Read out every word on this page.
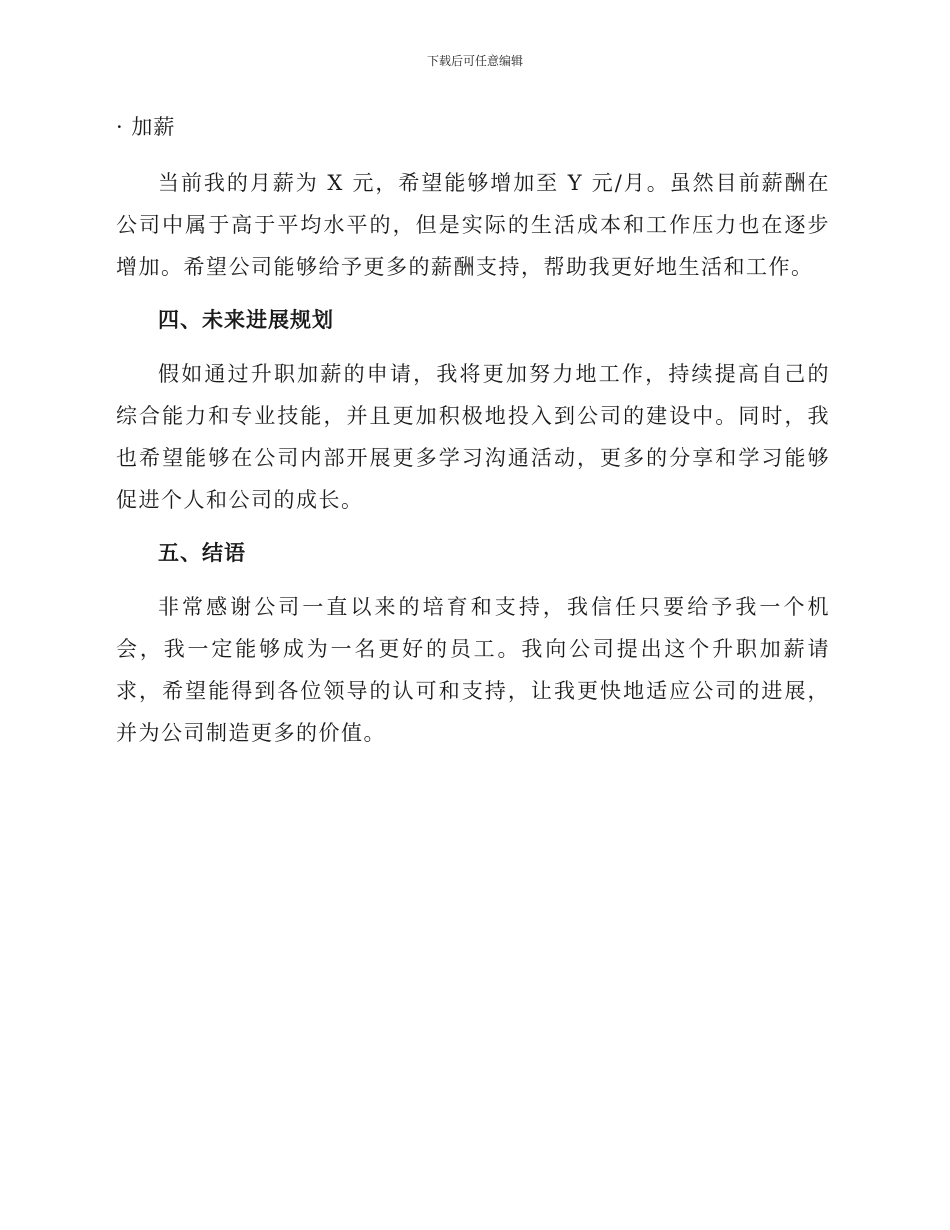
下载后可任意编辑
· 加薪

当前我的月薪为 X 元，希望能够增加至 Y 元/月。虽然目前薪酬在公司中属于高于平均水平的，但是实际的生活成本和工作压力也在逐步增加。希望公司能够给予更多的薪酬支持，帮助我更好地生活和工作。

四、未来进展规划

假如通过升职加薪的申请，我将更加努力地工作，持续提高自己的综合能力和专业技能，并且更加积极地投入到公司的建设中。同时，我也希望能够在公司内部开展更多学习沟通活动，更多的分享和学习能够促进个人和公司的成长。

五、结语

非常感谢公司一直以来的培育和支持，我信任只要给予我一个机会，我一定能够成为一名更好的员工。我向公司提出这个升职加薪请求，希望能得到各位领导的认可和支持，让我更快地适应公司的进展，并为公司制造更多的价值。
